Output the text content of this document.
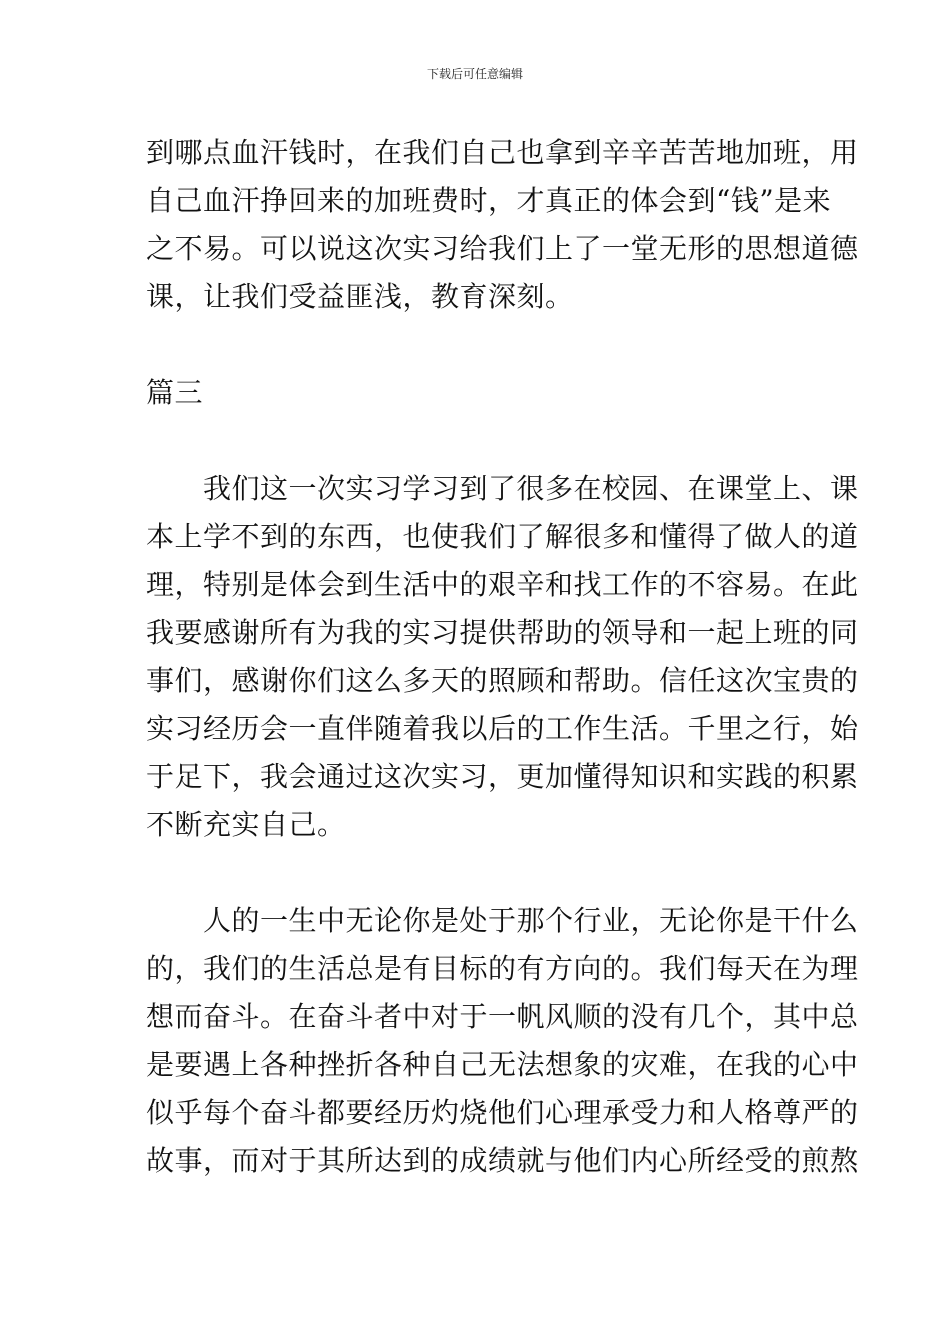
下载后可任意编辑
到哪点血汗钱时，在我们自己也拿到辛辛苦苦地加班，用
自己血汗挣回来的加班费时，才真正的体会到“钱”是来
之不易。可以说这次实习给我们上了一堂无形的思想道德
课，让我们受益匪浅，教育深刻。
篇三
　　我们这一次实习学习到了很多在校园、在课堂上、课
本上学不到的东西，也使我们了解很多和懂得了做人的道
理，特别是体会到生活中的艰辛和找工作的不容易。在此
我要感谢所有为我的实习提供帮助的领导和一起上班的同
事们，感谢你们这么多天的照顾和帮助。信任这次宝贵的
实习经历会一直伴随着我以后的工作生活。千里之行，始
于足下，我会通过这次实习，更加懂得知识和实践的积累
不断充实自己。
　　人的一生中无论你是处于那个行业，无论你是干什么
的，我们的生活总是有目标的有方向的。我们每天在为理
想而奋斗。在奋斗者中对于一帆风顺的没有几个，其中总
是要遇上各种挫折各种自己无法想象的灾难，在我的心中
似乎每个奋斗都要经历灼烧他们心理承受力和人格尊严的
故事，而对于其所达到的成绩就与他们内心所经受的煎熬
